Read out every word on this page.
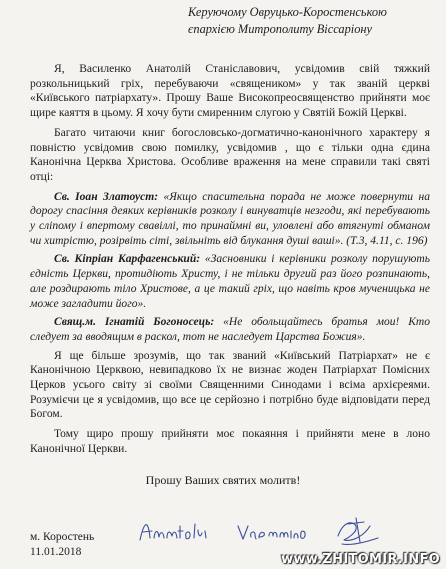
Керуючому Овруцько-Коростенською
єпархією Митрополиту Віссаріону

Я, Василенко Анатолій Станіславович, усвідомив свій тяжкий розкольницький гріх, перебуваючи «священиком» у так званій церкві «Київського патріархату». Прошу Ваше Високопреосвященство прийняти моє щире каяття в цьому. Я хочу бути смиренним слугою у Святій Божій Церкві.

Багато читаючи книг богословсько-догматично-канонічного характеру я повністю усвідомив свою помилку, усвідомив , що є тільки одна єдина Канонічна Церква Христова. Особливе враження на мене справили такі святі отці:

Св. Іоан Златоуст: «Якщо спасительна порада не може повернути на дорогу спасіння деяких керівників розколу і винуватців незгоди, які перебувають у сліпому і впертому свавіллі, то принаймні ви, уловлені або втягнуті обманом чи хитрістю, розірвіть сіті, звільніть від блукання душі ваші». (Т.3, 4.11, с. 196)

Св. Кіпріан Карфагенський: «Засновники і керівники розколу порушують єдність Церкви, протидіють Христу, і не тільки другий раз його розпинають, але роздирають тіло Христове, а це такий гріх, що навіть кров мученицька не може загладити його».

Свящ.м. Ігнатій Богоносець: «Не обольщайтесь братья мои! Кто следует за вводящим в раскол, тот не наследует Царства Божия».

Я ще більше зрозумів, що так званий «Київський Патріархат» не є Канонічною Церквою, невипадково їх не визнає жоден Патріархат Помісних Церков усього світу зі своїми Священними Синодами і всіма архієреями. Розумієчи це я усвідомив, що все це серйозно і потрібно буде відповідати перед Богом.

Тому щиро прошу прийняти моє покаяння і прийняти мене в лоно Канонічної Церкви.

Прошу Ваших святих молитв!
м. Коростень
11.01.2018	www.ZHITOMIR.INFO
